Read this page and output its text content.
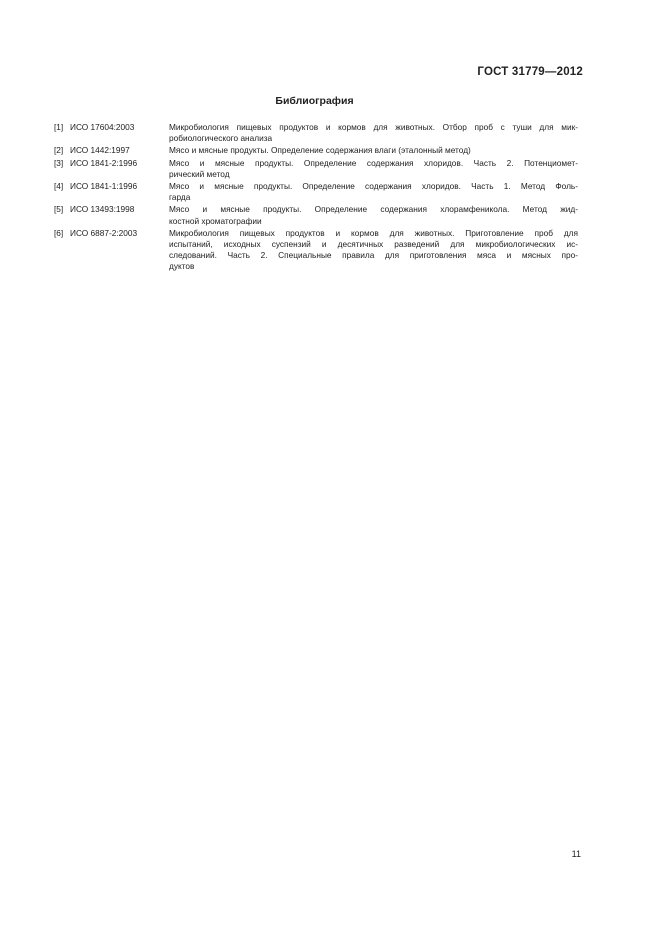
ГОСТ 31779—2012
Библиография
[1] ИСО 17604:2003	Микробиология пищевых продуктов и кормов для животных. Отбор проб с туши для мик-
робиологического анализа
[2] ИСО 1442:1997	Мясо и мясные продукты. Определение содержания влаги (эталонный метод)
[3] ИСО 1841-2:1996	Мясо и мясные продукты. Определение содержания хлоридов. Часть 2. Потенциомет-
рический метод
[4] ИСО 1841-1:1996	Мясо и мясные продукты. Определение содержания хлоридов. Часть 1. Метод Фоль-
гарда
[5] ИСО 13493:1998	Мясо и мясные продукты. Определение содержания хлорамфеникола. Метод жид-
костной хроматографии
[6] ИСО 6887-2:2003	Микробиология пищевых продуктов и кормов для животных. Приготовление проб для
испытаний, исходных суспензий и десятичных разведений для микробиологических ис-
следований. Часть 2. Специальные правила для приготовления мяса и мясных про-
дуктов
11
